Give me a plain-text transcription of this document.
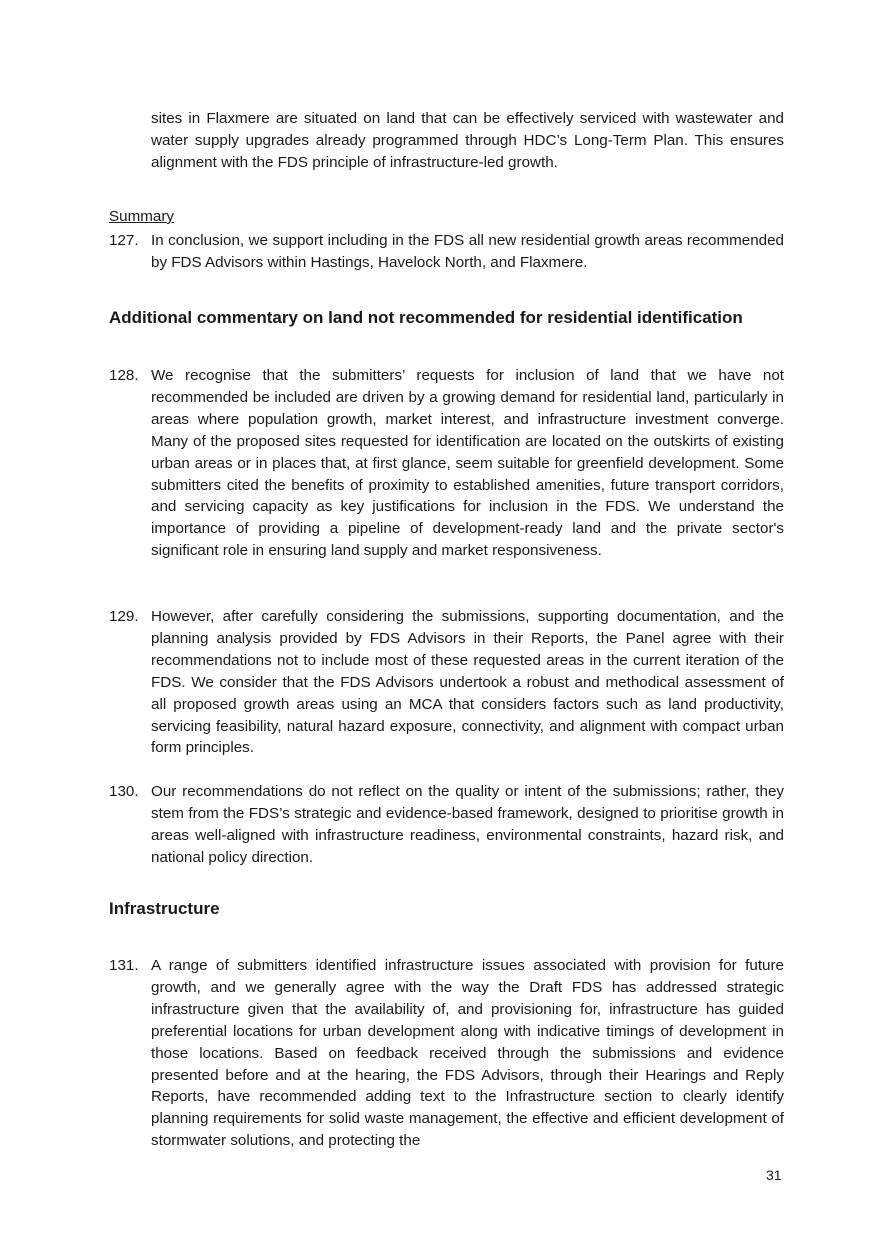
sites in Flaxmere are situated on land that can be effectively serviced with wastewater and water supply upgrades already programmed through HDC’s Long-Term Plan. This ensures alignment with the FDS principle of infrastructure-led growth.
Summary
127. In conclusion, we support including in the FDS all new residential growth areas recommended by FDS Advisors within Hastings, Havelock North, and Flaxmere.
Additional commentary on land not recommended for residential identification
128. We recognise that the submitters’ requests for inclusion of land that we have not recommended be included are driven by a growing demand for residential land, particularly in areas where population growth, market interest, and infrastructure investment converge. Many of the proposed sites requested for identification are located on the outskirts of existing urban areas or in places that, at first glance, seem suitable for greenfield development. Some submitters cited the benefits of proximity to established amenities, future transport corridors, and servicing capacity as key justifications for inclusion in the FDS. We understand the importance of providing a pipeline of development-ready land and the private sector's significant role in ensuring land supply and market responsiveness.
129. However, after carefully considering the submissions, supporting documentation, and the planning analysis provided by FDS Advisors in their Reports, the Panel agree with their recommendations not to include most of these requested areas in the current iteration of the FDS. We consider that the FDS Advisors undertook a robust and methodical assessment of all proposed growth areas using an MCA that considers factors such as land productivity, servicing feasibility, natural hazard exposure, connectivity, and alignment with compact urban form principles.
130. Our recommendations do not reflect on the quality or intent of the submissions; rather, they stem from the FDS’s strategic and evidence-based framework, designed to prioritise growth in areas well-aligned with infrastructure readiness, environmental constraints, hazard risk, and national policy direction.
Infrastructure
131. A range of submitters identified infrastructure issues associated with provision for future growth, and we generally agree with the way the Draft FDS has addressed strategic infrastructure given that the availability of, and provisioning for, infrastructure has guided preferential locations for urban development along with indicative timings of development in those locations. Based on feedback received through the submissions and evidence presented before and at the hearing, the FDS Advisors, through their Hearings and Reply Reports, have recommended adding text to the Infrastructure section to clearly identify planning requirements for solid waste management, the effective and efficient development of stormwater solutions, and protecting the
31
